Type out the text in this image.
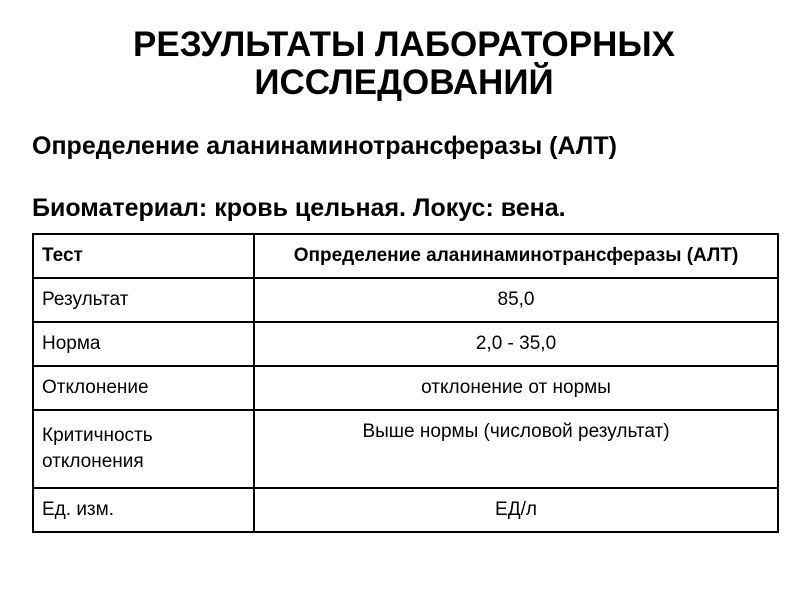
РЕЗУЛЬТАТЫ ЛАБОРАТОРНЫХ
ИССЛЕДОВАНИЙ
Определение аланинаминотрансферазы (АЛТ)
Биоматериал: кровь цельная. Локус: вена.
Тест	Определение аланинаминотрансферазы (АЛТ)
Результат	85,0
Норма	2,0 - 35,0
Отклонение	отклонение от нормы
Критичность
отклонения	Выше нормы (числовой результат)
Ед. изм.	ЕД/л
